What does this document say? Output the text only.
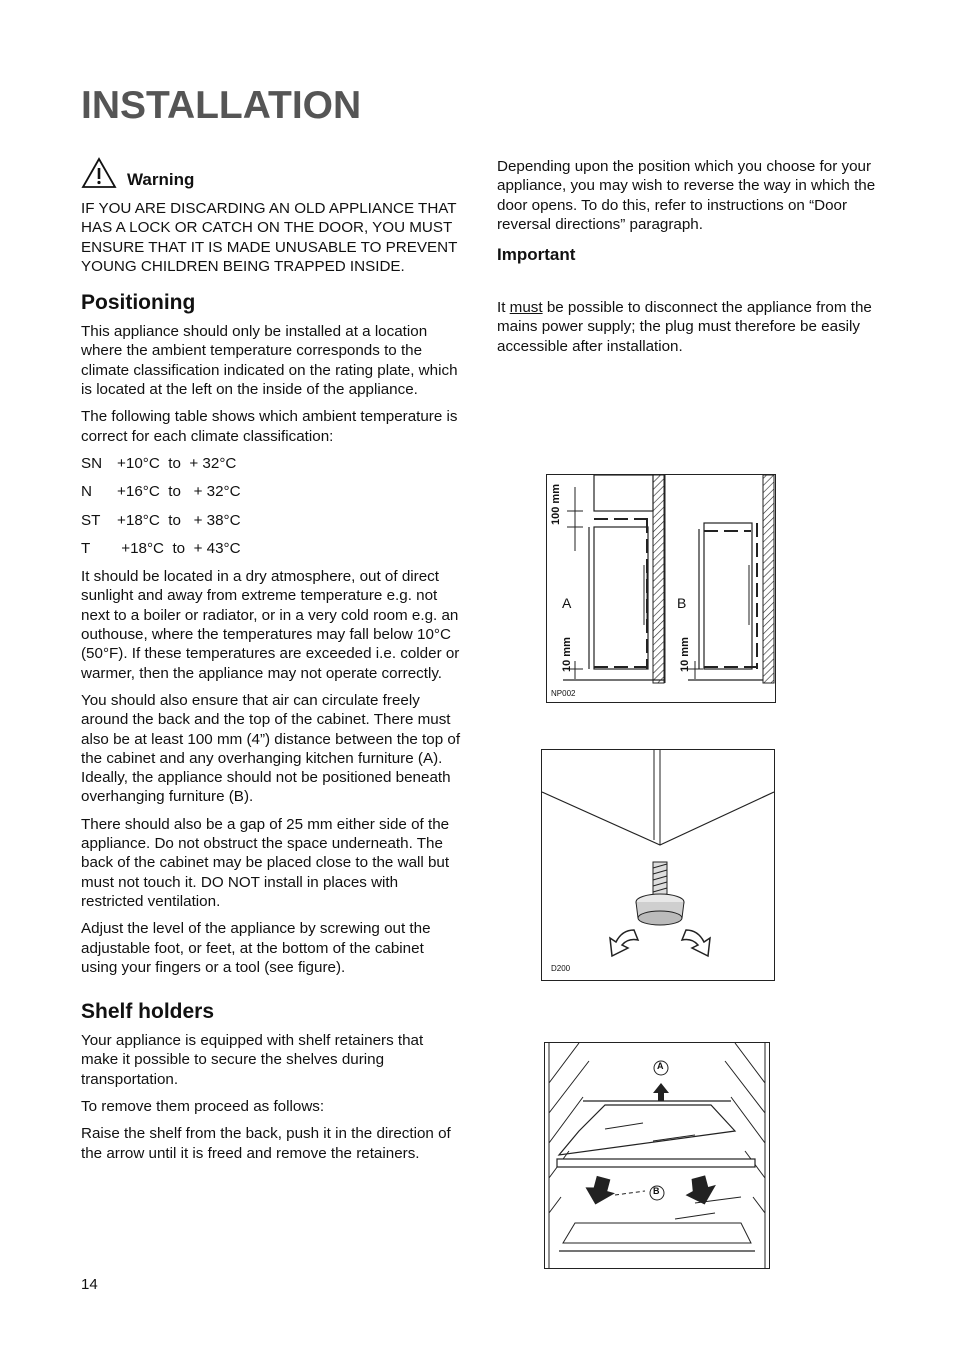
INSTALLATION
Warning

IF YOU ARE DISCARDING AN OLD APPLIANCE THAT HAS A LOCK OR CATCH ON THE DOOR, YOU MUST ENSURE THAT IT IS MADE UNUSABLE TO PREVENT YOUNG CHILDREN BEING TRAPPED INSIDE.

Positioning

This appliance should only be installed at a location where the ambient temperature corresponds to the climate classification indicated on the rating plate, which is located at the left on the inside of the appliance.

The following table shows which ambient temperature is correct for each climate classification:

SN +10°C  to  + 32°C
N	+16°C  to   + 32°C
ST	+18°C  to   + 38°C
T	+18°C  to  + 43°C

It should be located in a dry atmosphere, out of direct sunlight and away from extreme temperature e.g. not next to a boiler or radiator, or in a very cold room e.g. an outhouse, where the temperatures may fall below 10°C (50°F). If these temperatures are exceeded i.e. colder or warmer, then the appliance may not operate correctly.

You should also ensure that air can circulate freely around the back and the top of the cabinet. There must also be at least 100 mm (4”) distance between the top of the cabinet and any overhanging kitchen furniture (A). Ideally, the appliance should not be positioned beneath overhanging furniture (B).

There should also be a gap of 25 mm either side of the appliance. Do not obstruct the space underneath. The back of the cabinet may be placed close to the wall but must not touch it. DO NOT install in places with restricted ventilation.

Adjust the level of the appliance by screwing out the adjustable foot, or feet, at the bottom of the cabinet using your fingers or a tool (see figure).

Shelf holders

Your appliance is equipped with shelf retainers that make it possible to secure the shelves during transportation.

To remove them proceed as follows:

Raise the shelf from the back, push it in the direction of the arrow until it is freed and remove the retainers.

Depending upon the position which you choose for your appliance, you may wish to reverse the way in which the door opens. To do this, refer to instructions on “Door reversal directions” paragraph.

Important

It must be possible to disconnect the appliance from the mains power supply; the plug must therefore be easily accessible after installation.

100 mm
10 mm	10 mm
A	B
NP002
D200
A
B
14
